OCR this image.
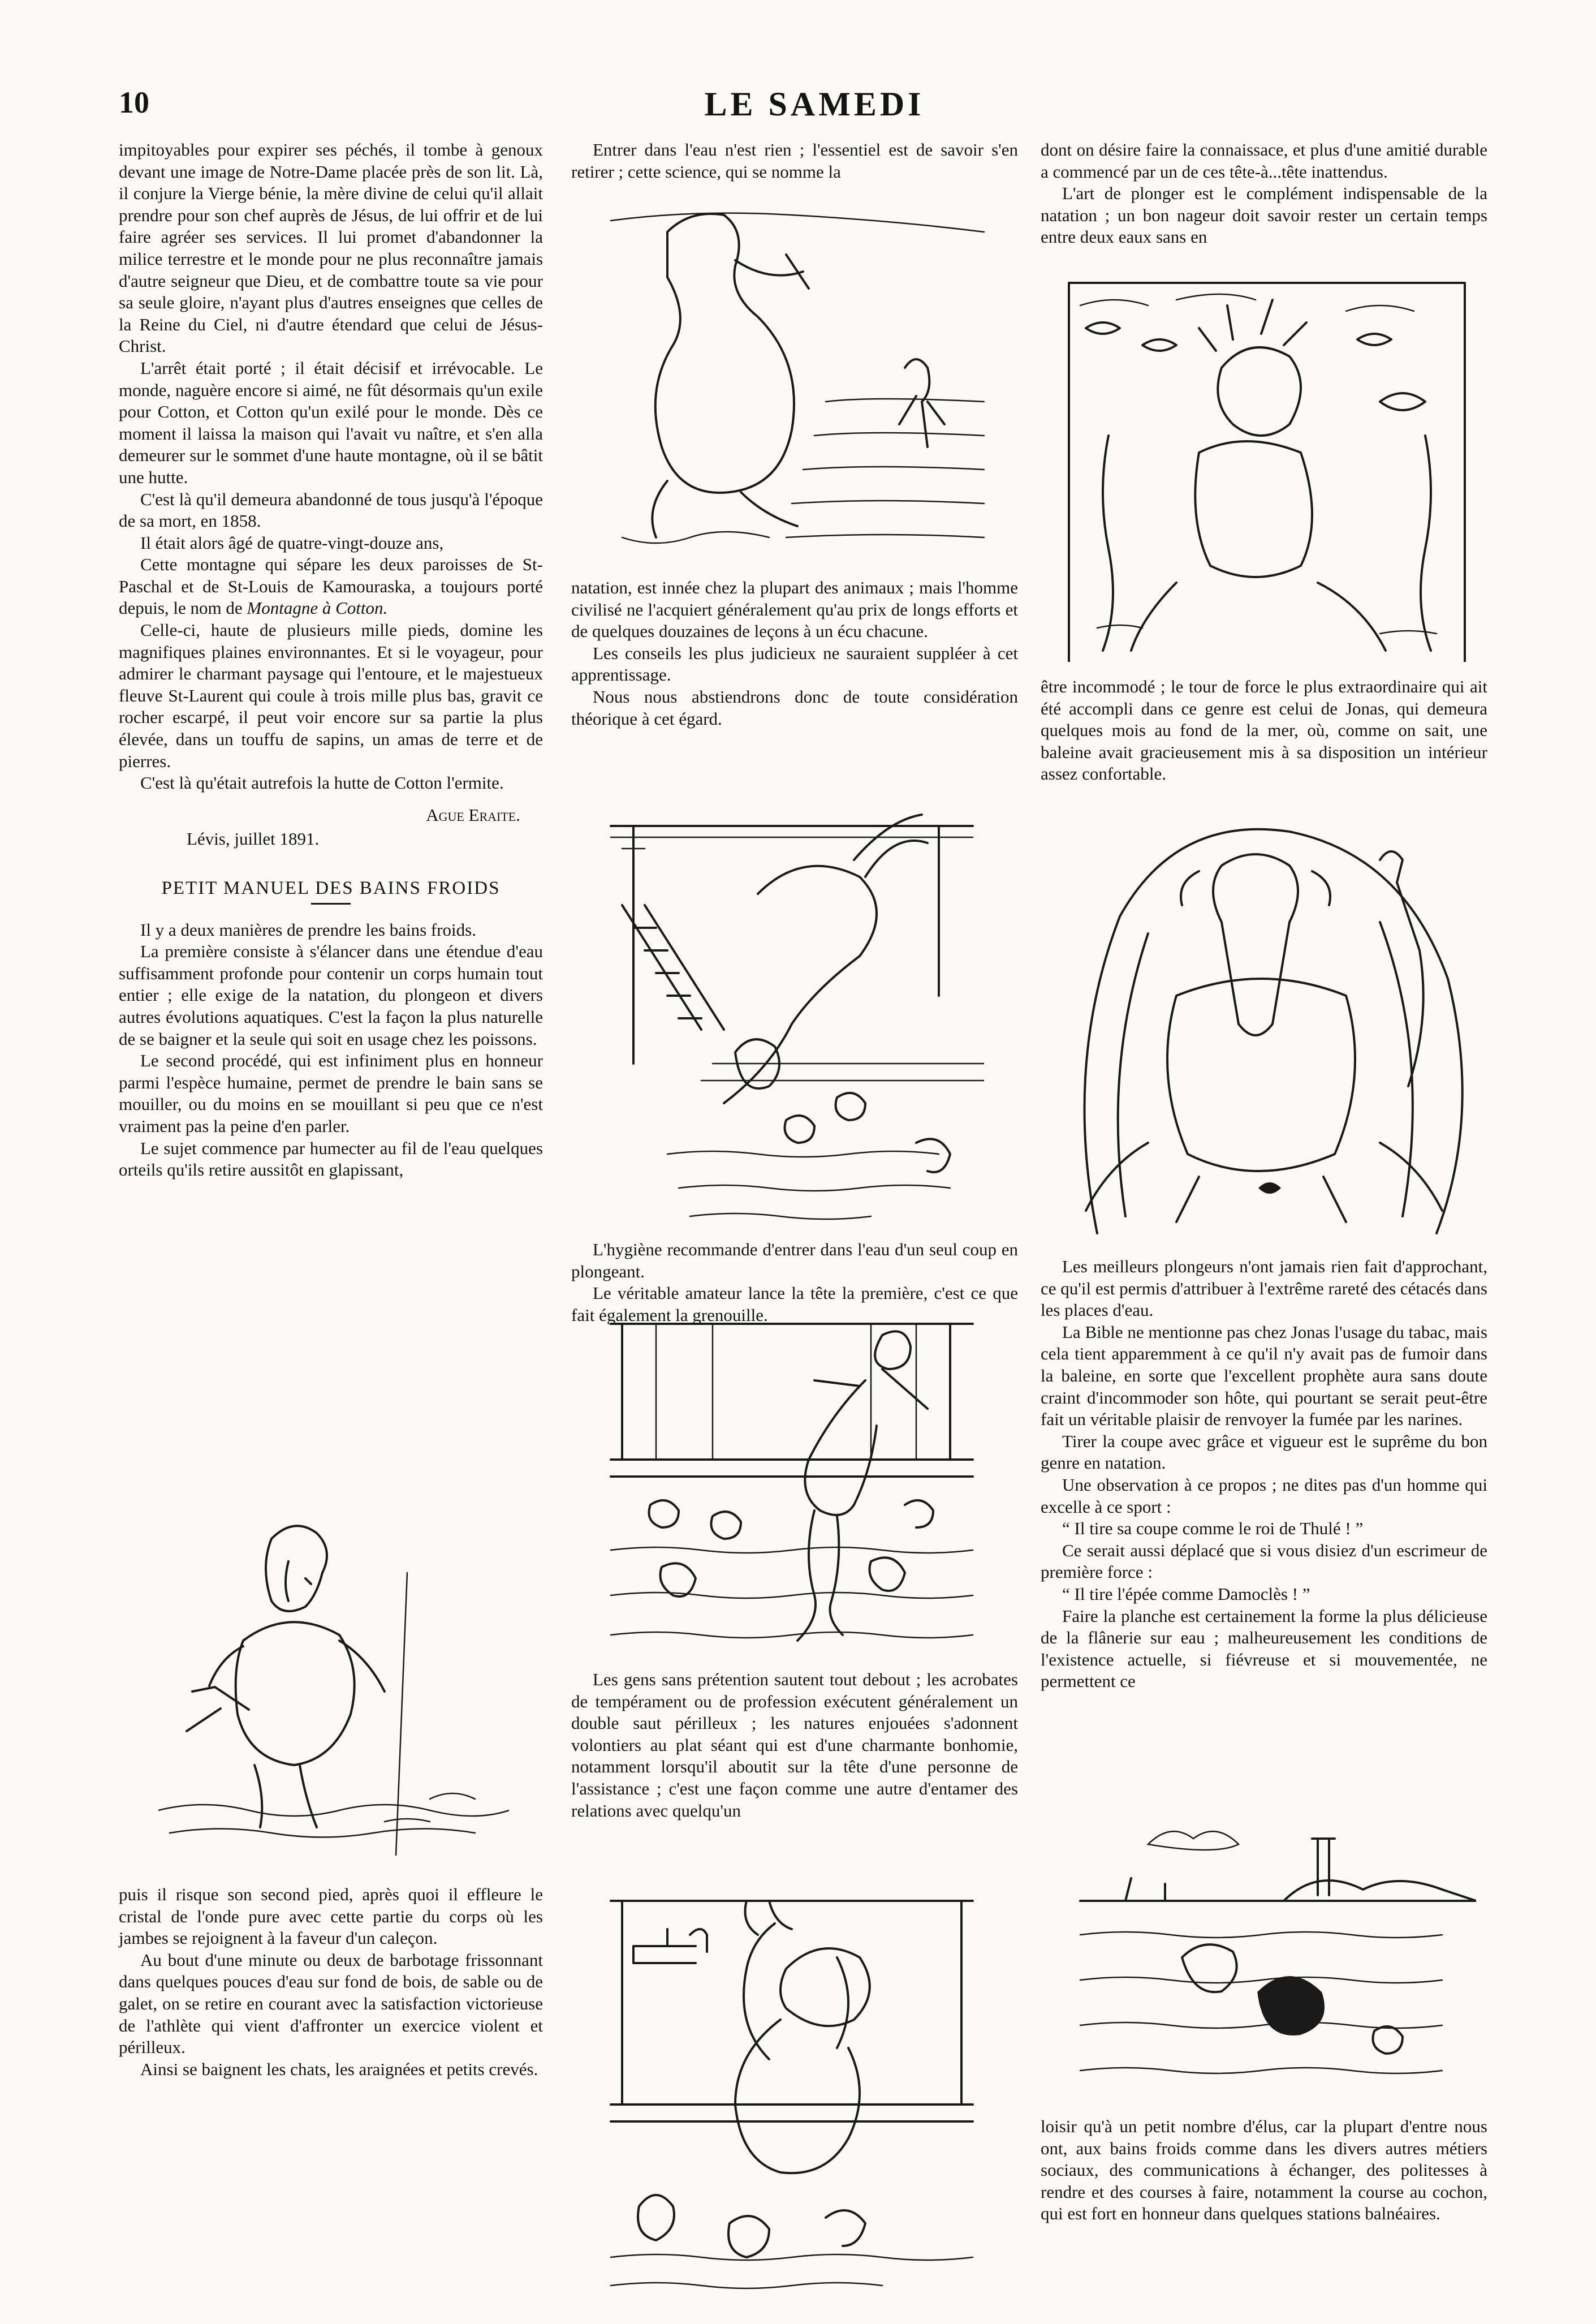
10	LE SAMEDI

impitoyables pour expirer ses péchés, il tombe à genoux devant une image de Notre-Dame placée près de son lit. Là, il conjure la Vierge bénie, la mère divine de celui qu'il allait prendre pour son chef auprès de Jésus, de lui offrir et de lui faire agréer ses services. Il lui promet d'abandonner la milice terrestre et le monde pour ne plus reconnaître jamais d'autre seigneur que Dieu, et de combattre toute sa vie pour sa seule gloire, n'ayant plus d'autres enseignes que celles de la Reine du Ciel, ni d'autre étendard que celui de Jésus-Christ.

L'arrêt était porté ; il était décisif et irrévocable. Le monde, naguère encore si aimé, ne fût désormais qu'un exile pour Cotton, et Cotton qu'un exilé pour le monde. Dès ce moment il laissa la maison qui l'avait vu naître, et s'en alla demeurer sur le sommet d'une haute montagne, où il se bâtit une hutte.

C'est là qu'il demeura abandonné de tous jusqu'à l'époque de sa mort, en 1858.

Il était alors âgé de quatre-vingt-douze ans,

Cette montagne qui sépare les deux paroisses de St-Paschal et de St-Louis de Kamouraska, a toujours porté depuis, le nom de Montagne à Cotton.

Celle-ci, haute de plusieurs mille pieds, domine les magnifiques plaines environnantes. Et si le voyageur, pour admirer le charmant paysage qui l'entoure, et le majestueux fleuve St-Laurent qui coule à trois mille plus bas, gravit ce rocher escarpé, il peut voir encore sur sa partie la plus élevée, dans un touffu de sapins, un amas de terre et de pierres.

C'est là qu'était autrefois la hutte de Cotton l'ermite.

Ague Eraite.

Lévis, juillet 1891.

PETIT MANUEL DES BAINS FROIDS

Il y a deux manières de prendre les bains froids.

La première consiste à s'élancer dans une étendue d'eau suffisamment profonde pour contenir un corps humain tout entier ; elle exige de la natation, du plongeon et divers autres évolutions aquatiques. C'est la façon la plus naturelle de se baigner et la seule qui soit en usage chez les poissons.

Le second procédé, qui est infiniment plus en honneur parmi l'espèce humaine, permet de prendre le bain sans se mouiller, ou du moins en se mouillant si peu que ce n'est vraiment pas la peine d'en parler.

Le sujet commence par humecter au fil de l'eau quelques orteils qu'ils retire aussitôt en glapissant,

puis il risque son second pied, après quoi il effleure le cristal de l'onde pure avec cette partie du corps où les jambes se rejoignent à la faveur d'un caleçon.

Au bout d'une minute ou deux de barbotage frissonnant dans quelques pouces d'eau sur fond de bois, de sable ou de galet, on se retire en courant avec la satisfaction victorieuse de l'athlète qui vient d'affronter un exercice violent et périlleux.

Ainsi se baignent les chats, les araignées et petits crevés.

Entrer dans l'eau n'est rien ; l'essentiel est de savoir s'en retirer ; cette science, qui se nomme la

natation, est innée chez la plupart des animaux ; mais l'homme civilisé ne l'acquiert généralement qu'au prix de longs efforts et de quelques douzaines de leçons à un écu chacune.

Les conseils les plus judicieux ne sauraient suppléer à cet apprentissage.

Nous nous abstiendrons donc de toute considération théorique à cet égard.

L'hygiène recommande d'entrer dans l'eau d'un seul coup en plongeant.

Le véritable amateur lance la tête la première, c'est ce que fait également la grenouille.

Les gens sans prétention sautent tout debout ; les acrobates de tempérament ou de profession exécutent généralement un double saut périlleux ; les natures enjouées s'adonnent volontiers au plat séant qui est d'une charmante bonhomie, notamment lorsqu'il aboutit sur la tête d'une personne de l'assistance ; c'est une façon comme une autre d'entamer des relations avec quelqu'un

dont on désire faire la connaissace, et plus d'une amitié durable a commencé par un de ces tête-à...tête inattendus.

L'art de plonger est le complément indispensable de la natation ; un bon nageur doit savoir rester un certain temps entre deux eaux sans en

être incommodé ; le tour de force le plus extraordinaire qui ait été accompli dans ce genre est celui de Jonas, qui demeura quelques mois au fond de la mer, où, comme on sait, une baleine avait gracieusement mis à sa disposition un intérieur assez confortable.

Les meilleurs plongeurs n'ont jamais rien fait d'approchant, ce qu'il est permis d'attribuer à l'extrême rareté des cétacés dans les places d'eau.

La Bible ne mentionne pas chez Jonas l'usage du tabac, mais cela tient apparemment à ce qu'il n'y avait pas de fumoir dans la baleine, en sorte que l'excellent prophète aura sans doute craint d'incommoder son hôte, qui pourtant se serait peut-être fait un véritable plaisir de renvoyer la fumée par les narines.

Tirer la coupe avec grâce et vigueur est le suprême du bon genre en natation.

Une observation à ce propos ; ne dites pas d'un homme qui excelle à ce sport :

“ Il tire sa coupe comme le roi de Thulé ! ”

Ce serait aussi déplacé que si vous disiez d'un escrimeur de première force :

“ Il tire l'épée comme Damoclès ! ”

Faire la planche est certainement la forme la plus délicieuse de la flânerie sur eau ; malheureusement les conditions de l'existence actuelle, si fiévreuse et si mouvementée, ne permettent ce

loisir qu'à un petit nombre d'élus, car la plupart d'entre nous ont, aux bains froids comme dans les divers autres métiers sociaux, des communications à échanger, des politesses à rendre et des courses à faire, notamment la course au cochon, qui est fort en honneur dans quelques stations balnéaires.
